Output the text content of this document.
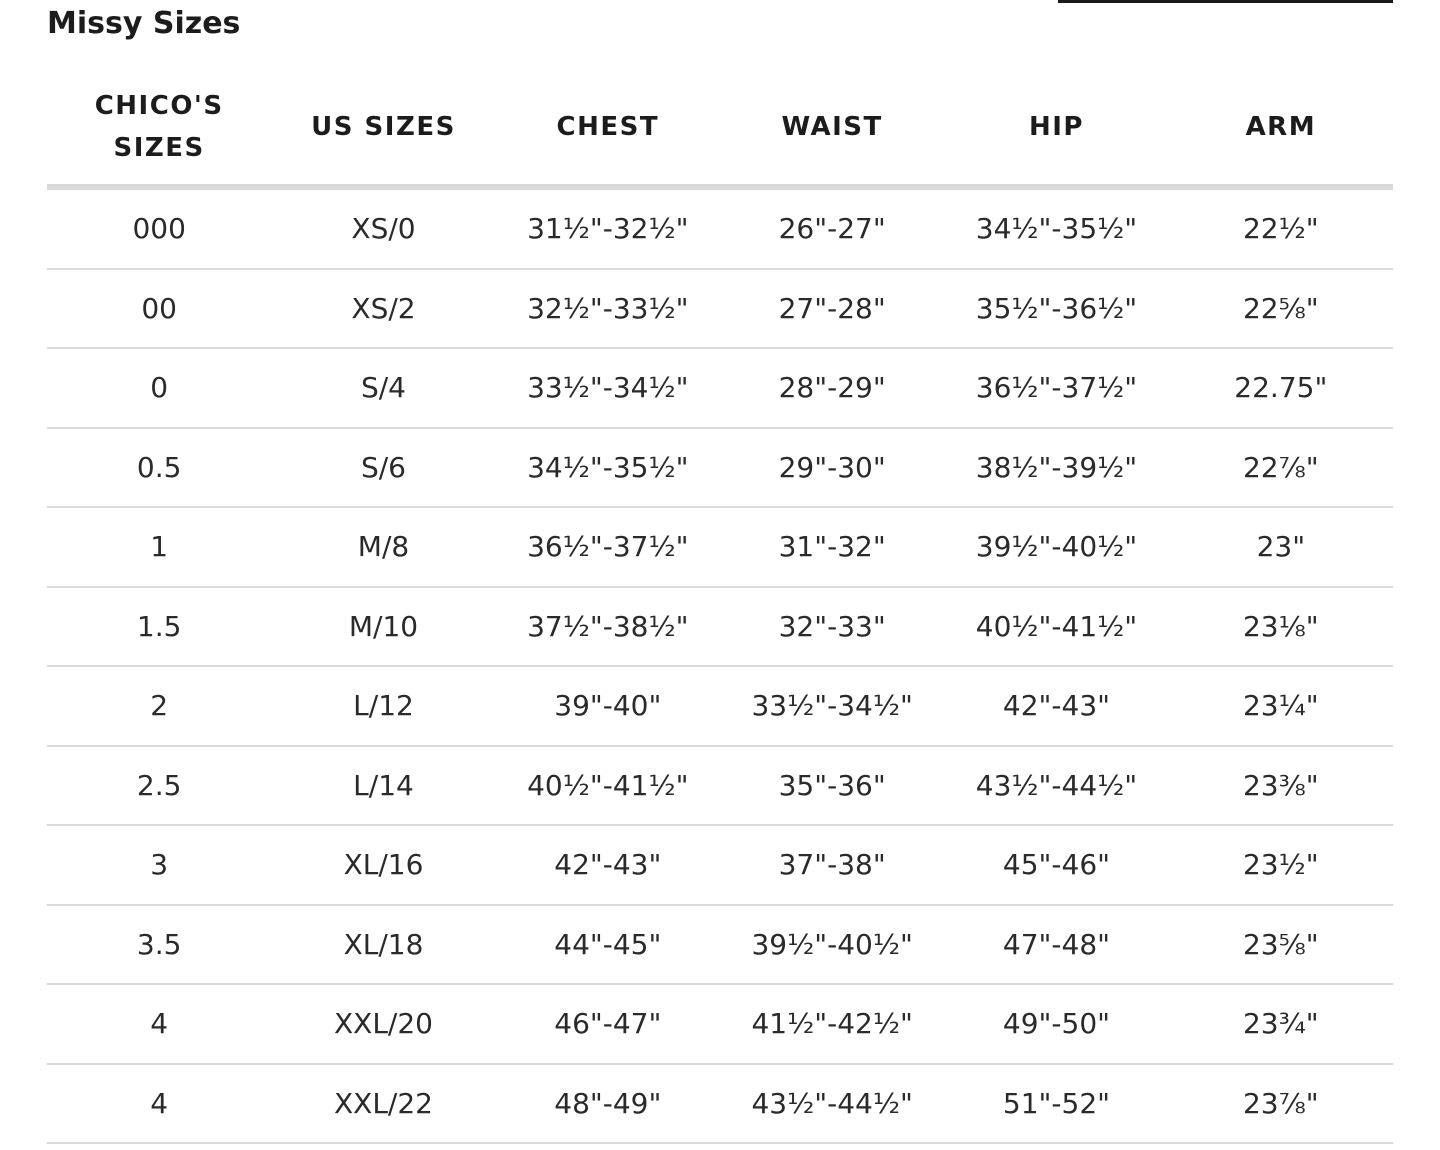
Missy Sizes
CHICO'S
SIZES	US SIZES	CHEST	WAIST	HIP	ARM
000	XS/0	31½"-32½"	26"-27"	34½"-35½"	22½"
00	XS/2	32½"-33½"	27"-28"	35½"-36½"	22⅝"
0	S/4	33½"-34½"	28"-29"	36½"-37½"	22.75"
0.5	S/6	34½"-35½"	29"-30"	38½"-39½"	22⅞"
1	M/8	36½"-37½"	31"-32"	39½"-40½"	23"
1.5	M/10	37½"-38½"	32"-33"	40½"-41½"	23⅛"
2	L/12	39"-40"	33½"-34½"	42"-43"	23¼"
2.5	L/14	40½"-41½"	35"-36"	43½"-44½"	23⅜"
3	XL/16	42"-43"	37"-38"	45"-46"	23½"
3.5	XL/18	44"-45"	39½"-40½"	47"-48"	23⅝"
4	XXL/20	46"-47"	41½"-42½"	49"-50"	23¾"
4	XXL/22	48"-49"	43½"-44½"	51"-52"	23⅞"
